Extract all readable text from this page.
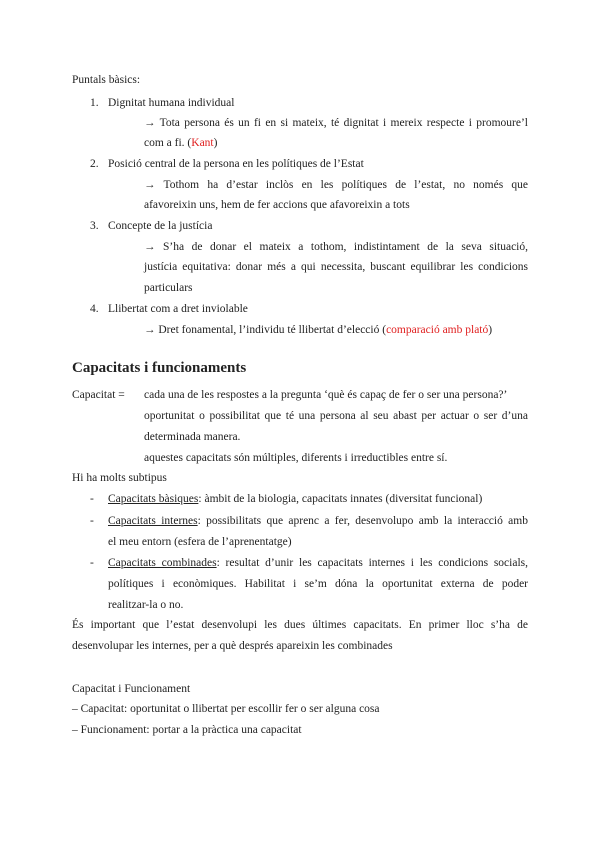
Puntals bàsics:
1. Dignitat humana individual
→ Tota persona és un fi en si mateix, té dignitat i mereix respecte i promoure’l
com a fi. (Kant)
2. Posició central de la persona en les polítiques de l’Estat
→ Tothom ha d’estar inclòs en les polítiques de l’estat, no només que
afavoreixin uns, hem de fer accions que afavoreixin a tots
3. Concepte de la justícia
→ S’ha de donar el mateix a tothom, indistintament de la seva situació,
justícia equitativa: donar més a qui necessita, buscant equilibrar les condicions
particulars
4. Llibertat com a dret inviolable
→ Dret fonamental, l’individu té llibertat d’elecció (comparació amb plató)
Capacitats i funcionaments
Capacitat = cada una de les respostes a la pregunta ‘què és capaç de fer o ser una persona?’
oportunitat o possibilitat que té una persona al seu abast per actuar o ser d’una
determinada manera.
aquestes capacitats són múltiples, diferents i irreductibles entre sí.
Hi ha molts subtipus
- Capacitats bàsiques: àmbit de la biologia, capacitats innates (diversitat funcional)
- Capacitats internes: possibilitats que aprenc a fer, desenvolupo amb la interacció amb
el meu entorn (esfera de l’aprenentatge)
- Capacitats combinades: resultat d’unir les capacitats internes i les condicions socials,
polítiques i econòmiques. Habilitat i se’m dóna la oportunitat externa de poder
realitzar-la o no.
És important que l’estat desenvolupi les dues últimes capacitats. En primer lloc s’ha de
desenvolupar les internes, per a què després apareixin les combinades
Capacitat i Funcionament
– Capacitat: oportunitat o llibertat per escollir fer o ser alguna cosa
– Funcionament: portar a la pràctica una capacitat
